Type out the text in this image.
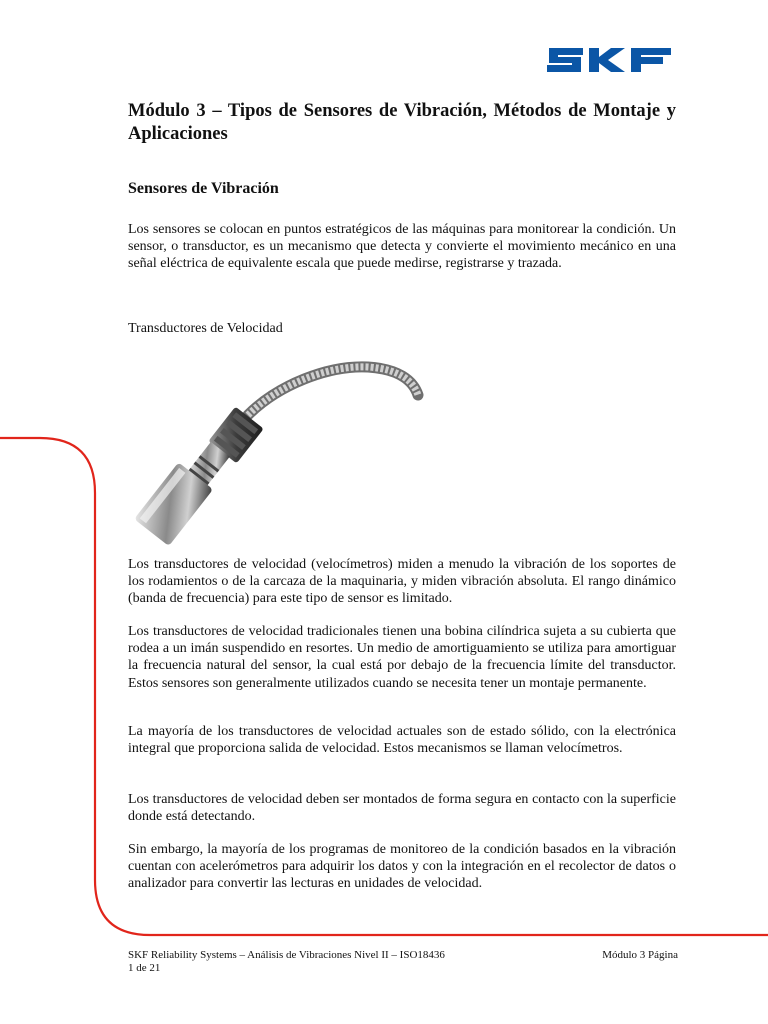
Módulo 3 – Tipos de Sensores de Vibración, Métodos de Montaje y Aplicaciones
Sensores de Vibración

Los sensores se colocan en puntos estratégicos de las máquinas para monitorear la condición. Un sensor, o transductor, es un mecanismo que detecta y convierte el movimiento mecánico en una señal eléctrica de equivalente escala que puede medirse, registrarse y trazada.

Transductores de Velocidad

Los transductores de velocidad (velocímetros) miden a menudo la vibración de los soportes de los rodamientos o de la carcaza de la maquinaria, y miden vibración absoluta. El rango dinámico (banda de frecuencia) para este tipo de sensor es limitado.

Los transductores de velocidad tradicionales tienen una bobina cilíndrica sujeta a su cubierta que rodea a un imán suspendido en resortes. Un medio de amortiguamiento se utiliza para amortiguar la frecuencia natural del sensor, la cual está por debajo de la frecuencia límite del transductor. Estos sensores son generalmente utilizados cuando se necesita tener un montaje permanente.

La mayoría de los transductores de velocidad actuales son de estado sólido, con la electrónica integral que proporciona salida de velocidad. Estos mecanismos se llaman velocímetros.

Los transductores de velocidad deben ser montados de forma segura en contacto con la superficie donde está detectando.

Sin embargo, la mayoría de los programas de monitoreo de la condición basados en la vibración cuentan con acelerómetros para adquirir los datos y con la integración en el recolector de datos o analizador para convertir las lecturas en unidades de velocidad.

SKF Reliability Systems – Análisis de Vibraciones Nivel II – ISO18436	Módulo 3 Página
1 de 21
